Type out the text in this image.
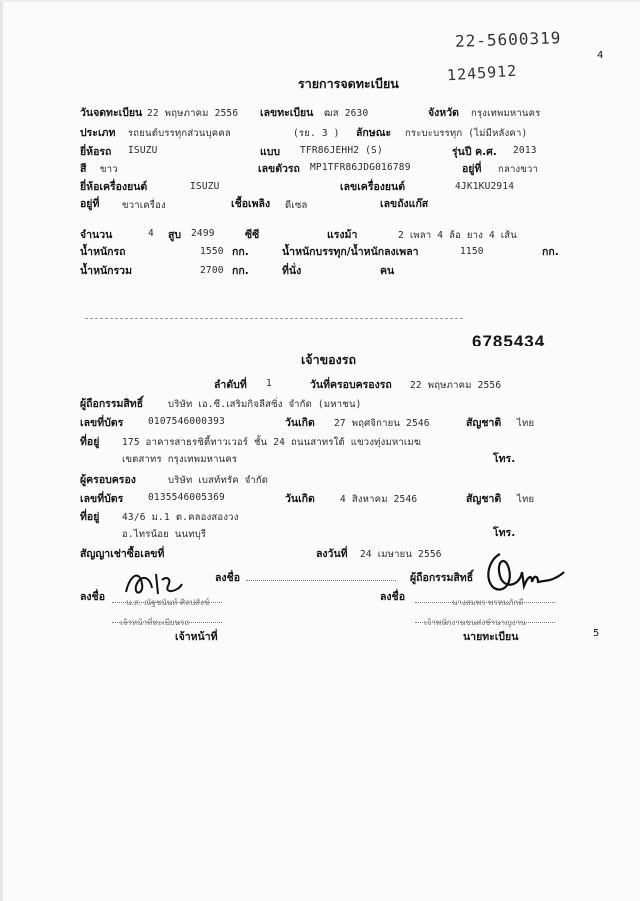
22-5600319
1245912
4
รายการจดทะเบียน
วันจดทะเบียน 22 พฤษภาคม 2556 เลขทะเบียน ฒส 2630	จังหวัด กรุงเทพมหานคร
ประเภท รถยนต์บรรทุกส่วนบุคคล	(รย. 3 ) ลักษณะ กระบะบรรทุก (ไม่มีหลังคา)
ยี่ห้อรถ ISUZU	แบบ TFR86JEHH2 (S)	รุ่นปี ค.ศ. 2013
สี ขาว	เลขตัวรถ MP1TFR86JDG016789	อยู่ที่ กลางขวา
ยี่ห้อเครื่องยนต์	ISUZU	เลขเครื่องยนต์	4JK1KU2914
อยู่ที่ ขวาเครื่อง	เชื้อเพลิง ดีเซล	เลขถังแก๊ส
จำนวน	4 สูบ 2499	ซีซี	แรงม้า	2 เพลา 4 ล้อ ยาง 4 เส้น
น้ำหนักรถ	1550 กก.	น้ำหนักบรรทุก/น้ำหนักลงเพลา	1150	กก.
น้ำหนักรวม	2700 กก.	ที่นั่ง	คน
6785434
เจ้าของรถ
ลำดับที่ 1	วันที่ครอบครองรถ 22 พฤษภาคม 2556
ผู้ถือกรรมสิทธิ์	บริษัท เอ.ซี.เสริมกิจลีสซิ่ง จำกัด (มหาชน)
เลขที่บัตร	0107546000393	วันเกิด 27 พฤศจิกายน 2546	สัญชาติ ไทย
ที่อยู่ 175 อาคารสาธรซิตี้ทาวเวอร์ ชั้น 24 ถนนสาทรใต้ แขวงทุ่งมหาเมฆ
เขตสาทร กรุงเทพมหานคร	โทร.
ผู้ครอบครอง	บริษัท เบสท์ทรัค จำกัด
เลขที่บัตร	0135546005369	วันเกิด	4 สิงหาคม 2546	สัญชาติ ไทย
ที่อยู่ 43/6 ม.1 ต.คลองสองวง
อ.ไทรน้อย นนทบุรี	โทร.
สัญญาเช่าซื้อเลขที่	ลงวันที่ 24 เมษายน 2556
ลงชื่อ	น.ส. ณัฐชนันท์ ศิลปสังข์
เจ้าหน้าที่ทะเบียนรถ
เจ้าหน้าที่
ลงชื่อ	ผู้ถือกรรมสิทธิ์
ลงชื่อ	นางสมพร พรหมภักดี
เจ้าพนักงานขนส่งชำนาญงาน
นายทะเบียน	5
